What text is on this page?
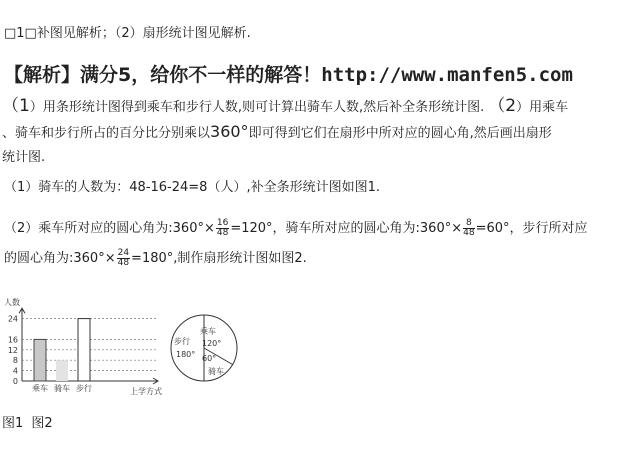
□1□补图见解析；（2）扇形统计图见解析.
【解析】满分5，给你不一样的解答！http://www.manfen5.com
（1）用条形统计图得到乘车和步行人数,则可计算出骑车人数,然后补全条形统计图. （2）用乘车
、骑车和步行所占的百分比分别乘以360°即可得到它们在扇形中所对应的圆心角,然后画出扇形
统计图.
（1）骑车的人数为：48-16-24=8（人）,补全条形统计图如图1.
（2）乘车所对应的圆心角为:360°× $\frac{16}{48} =120^\circ$，骑车所对应的圆心角为:360°× $\frac{8}{48} =60^\circ$，步行所对应
的圆心角为:360°× $\frac{24}{48} =180^\circ$,制作扇形统计图如图2.
0
4
8
12
16
24
人数
上学方式
乘车 骑车 步行
乘车
120°
步行
180° 60°
骑车
图1 图2
